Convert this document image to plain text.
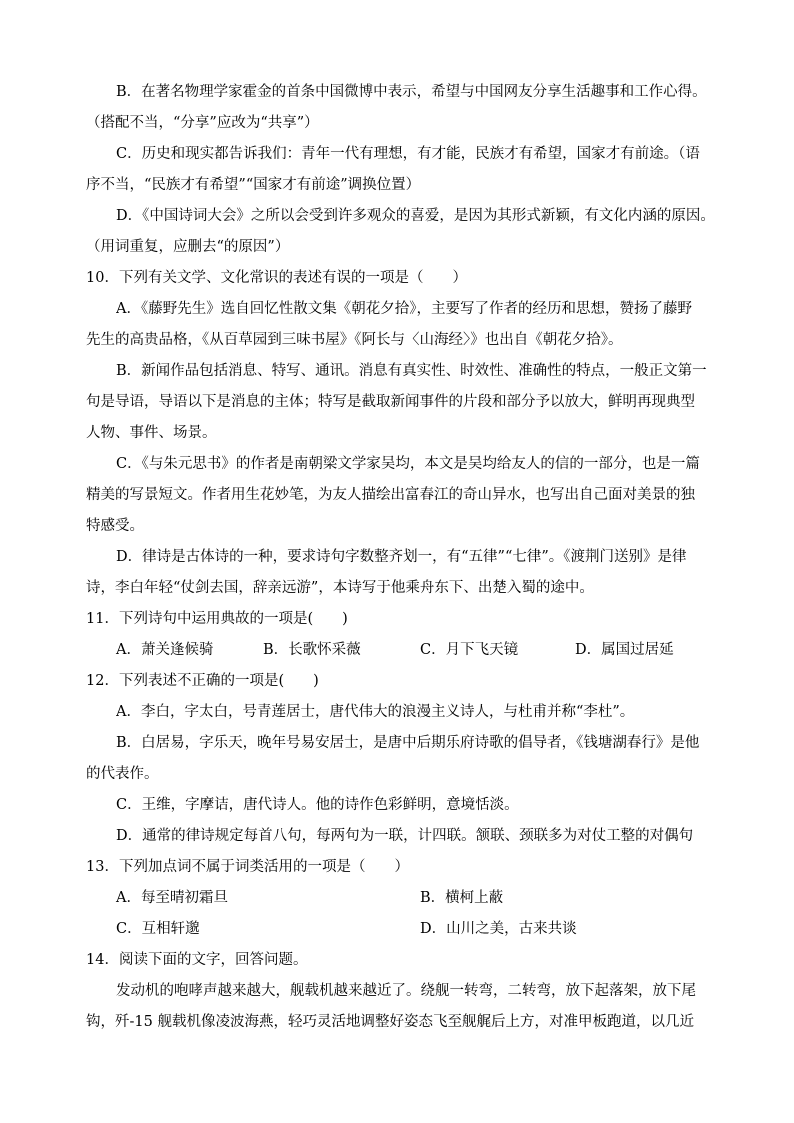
B．在著名物理学家霍金的首条中国微博中表示，希望与中国网友分享生活趣事和工作心得。
（搭配不当，“分享”应改为“共享”）
C．历史和现实都告诉我们：青年一代有理想，有才能，民族才有希望，国家才有前途。（语
序不当，“民族才有希望”“国家才有前途”调换位置）
D．《中国诗词大会》之所以会受到许多观众的喜爱，是因为其形式新颖，有文化内涵的原因。
（用词重复，应删去“的原因”）
10．下列有关文学、文化常识的表述有误的一项是（　　）
A．《藤野先生》选自回忆性散文集《朝花夕拾》，主要写了作者的经历和思想，赞扬了藤野
先生的高贵品格，《从百草园到三味书屋》《阿长与〈山海经〉》也出自《朝花夕拾》。
B．新闻作品包括消息、特写、通讯。消息有真实性、时效性、准确性的特点，一般正文第一
句是导语，导语以下是消息的主体；特写是截取新闻事件的片段和部分予以放大，鲜明再现典型
人物、事件、场景。
C．《与朱元思书》的作者是南朝梁文学家吴均，本文是吴均给友人的信的一部分，也是一篇
精美的写景短文。作者用生花妙笔，为友人描绘出富春江的奇山异水，也写出自己面对美景的独
特感受。
D．律诗是古体诗的一种，要求诗句字数整齐划一，有“五律”“七律”。《渡荆门送别》是律
诗，李白年轻“仗剑去国，辞亲远游”，本诗写于他乘舟东下、出楚入蜀的途中。
11．下列诗句中运用典故的一项是(　　)
A．萧关逢候骑	B．长歌怀采薇	C．月下飞天镜	D．属国过居延
12．下列表述不正确的一项是(　　)
A．李白，字太白，号青莲居士，唐代伟大的浪漫主义诗人，与杜甫并称“李杜”。
B．白居易，字乐天，晚年号易安居士，是唐中后期乐府诗歌的倡导者，《钱塘湖春行》是他
的代表作。
C．王维，字摩诘，唐代诗人。他的诗作色彩鲜明，意境恬淡。
D．通常的律诗规定每首八句，每两句为一联，计四联。颔联、颈联多为对仗工整的对偶句
13．下列加点词不属于词类活用的一项是（　　）
A．每至晴初霜旦	B．横柯上蔽
C．互相轩邈	D．山川之美，古来共谈
14．阅读下面的文字，回答问题。
发动机的咆哮声越来越大，舰载机越来越近了。绕舰一转弯，二转弯，放下起落架，放下尾
钩，歼-15 舰载机像凌波海燕，轻巧灵活地调整好姿态飞至舰艉后上方，对准甲板跑道，以几近
